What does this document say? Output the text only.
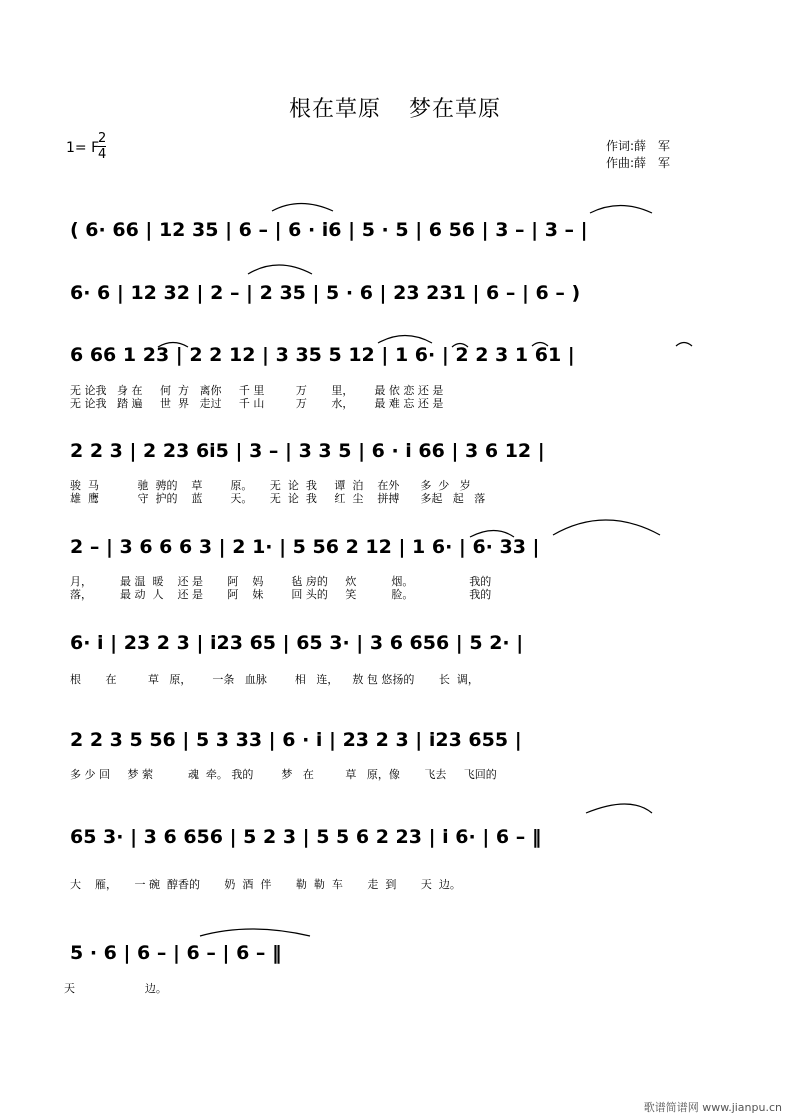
根在草原 梦在草原
1= F
2
4
作词:薛　军
作曲:薛　军
( 6· 66 | 12 35 | 6 – | 6 · i6 | 5 · 5 | 6 56 | 3 – | 3 – |
6· 6 | 12 32 | 2 – | 2 35 | 5 · 6 | 23 231 | 6 – | 6 – )
6 66 1 23 | 2 2 12 | 3 35 5 12 | 1 6· | 2 2 3 1 61 |
无 论我   身 在     何  方   离你     千 里         万       里，      最 依 恋 还 是
无 论我   踏 遍     世  界   走过     千 山         万       水，      最 难 忘 还 是
2 2 3 | 2 23 6i5 | 3 – | 3 3 5 | 6 · i 66 | 3 6 12 |
骏  马           驰  骋的    草        原。     无  论  我     谭  泊    在外      多  少   岁
雄  鹰           守  护的    蓝        天。     无  论  我     红  尘    拼搏      多起   起   落
2 – | 3 6 6 6 3 | 2 1· | 5 56 2 12 | 1 6· | 6· 33 |
月，        最 温  暖    还 是       阿    妈        毡 房的     炊          烟。                我的
落，        最 动  人    还 是       阿    妹        回 头的     笑          脸。                我的
6· i | 23 2 3 | i23 65 | 65 3· | 3 6 656 | 5 2· |
根       在         草   原，      一条   血脉        相   连，    敖 包 悠扬的       长  调，
2 2 3 5 56 | 5 3 33 | 6 · i | 23 2 3 | i23 655 |
多 少 回     梦 萦          魂  牵。 我的        梦   在         草   原，像       飞去     飞回的
65 3· | 3 6 656 | 5 2 3 | 5 5 6 2 23 | i 6· | 6 – ‖
大    雁，     一 碗  醇香的       奶  酒  伴       勒  勒  车       走  到       天  边。
5 · 6 | 6 – | 6 – | 6 – ‖
天                    边。
歌谱简谱网 www.jianpu.cn
